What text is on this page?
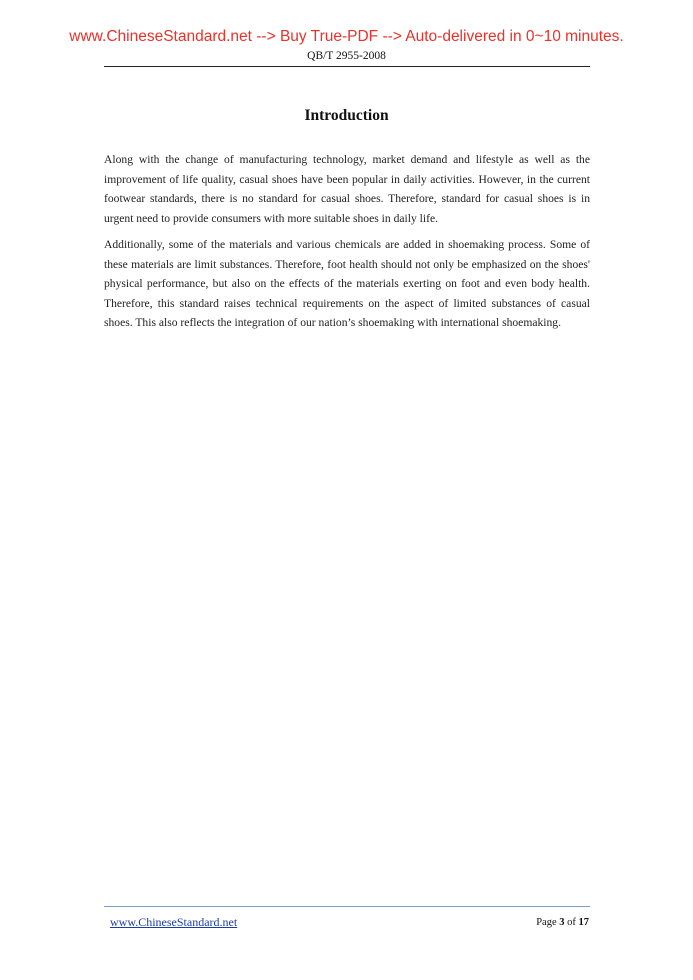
www.ChineseStandard.net --> Buy True-PDF --> Auto-delivered in 0~10 minutes.
QB/T 2955-2008
Introduction

Along with the change of manufacturing technology, market demand and lifestyle as well as the improvement of life quality, casual shoes have been popular in daily activities. However, in the current footwear standards, there is no standard for casual shoes. Therefore, standard for casual shoes is in urgent need to provide consumers with more suitable shoes in daily life.

Additionally, some of the materials and various chemicals are added in shoemaking process. Some of these materials are limit substances. Therefore, foot health should not only be emphasized on the shoes' physical performance, but also on the effects of the materials exerting on foot and even body health. Therefore, this standard raises technical requirements on the aspect of limited substances of casual shoes. This also reflects the integration of our nation’s shoemaking with international shoemaking.

www.ChineseStandard.net	Page 3 of 17
